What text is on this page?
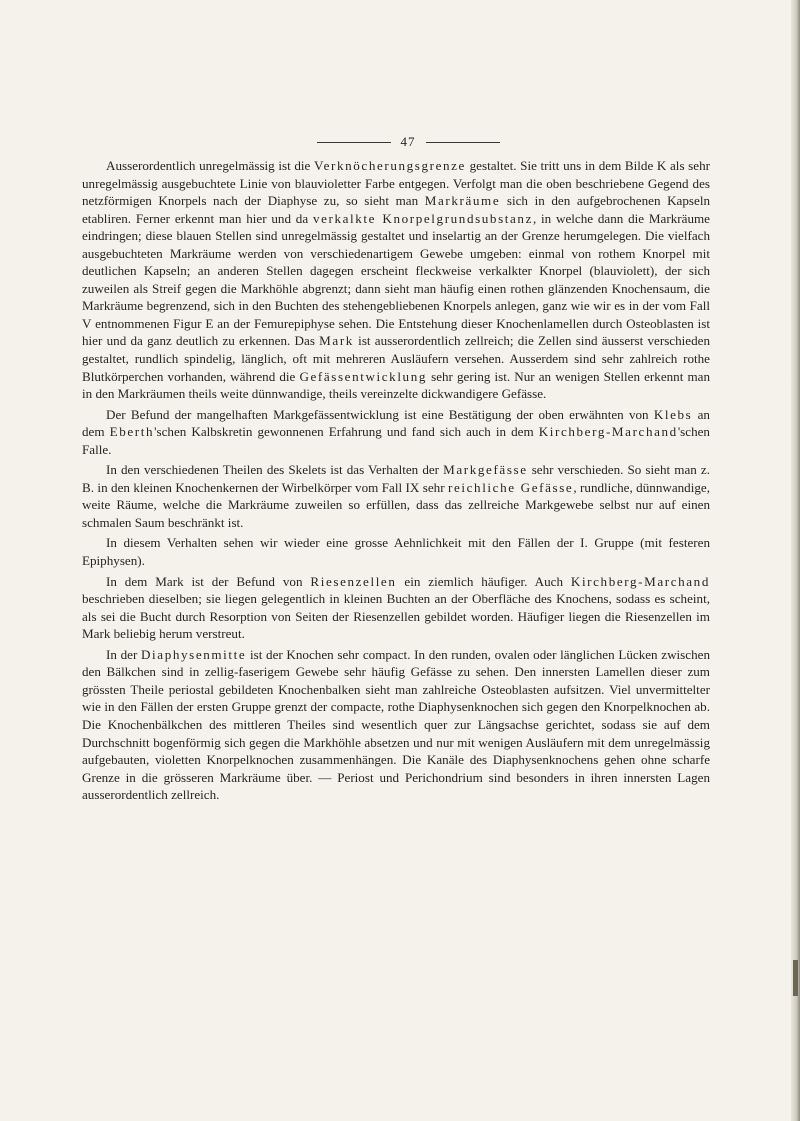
47

Ausserordentlich unregelmässig ist die Verknöcherungsgrenze gestaltet. Sie tritt uns in dem Bilde K als sehr unregelmässig ausgebuchtete Linie von blauvioletter Farbe entgegen. Verfolgt man die oben beschriebene Gegend des netzförmigen Knorpels nach der Diaphyse zu, so sieht man Markräume sich in den aufgebrochenen Kapseln etabliren. Ferner erkennt man hier und da verkalkte Knorpelgrundsubstanz, in welche dann die Markräume eindringen; diese blauen Stellen sind unregelmässig gestaltet und inselartig an der Grenze herumgelegen. Die vielfach ausgebuchteten Markräume werden von verschiedenartigem Gewebe umgeben: einmal von rothem Knorpel mit deutlichen Kapseln; an anderen Stellen dagegen erscheint fleckweise verkalkter Knorpel (blauviolett), der sich zuweilen als Streif gegen die Markhöhle abgrenzt; dann sieht man häufig einen rothen glänzenden Knochensaum, die Markräume begrenzend, sich in den Buchten des stehengebliebenen Knorpels anlegen, ganz wie wir es in der vom Fall V entnommenen Figur E an der Femurepiphyse sehen. Die Entstehung dieser Knochenlamellen durch Osteoblasten ist hier und da ganz deutlich zu erkennen. Das Mark ist ausserordentlich zellreich; die Zellen sind äusserst verschieden gestaltet, rundlich spindelig, länglich, oft mit mehreren Ausläufern versehen. Ausserdem sind sehr zahlreich rothe Blutkörperchen vorhanden, während die Gefässentwicklung sehr gering ist. Nur an wenigen Stellen erkennt man in den Markräumen theils weite dünnwandige, theils vereinzelte dickwandigere Gefässe.

Der Befund der mangelhaften Markgefässentwicklung ist eine Bestätigung der oben erwähnten von Klebs an dem Eberth'schen Kalbskretin gewonnenen Erfahrung und fand sich auch in dem Kirchberg-Marchand'schen Falle.

In den verschiedenen Theilen des Skelets ist das Verhalten der Markgefässe sehr verschieden. So sieht man z. B. in den kleinen Knochenkernen der Wirbelkörper vom Fall IX sehr reichliche Gefässe, rundliche, dünnwandige, weite Räume, welche die Markräume zuweilen so erfüllen, dass das zellreiche Markgewebe selbst nur auf einen schmalen Saum beschränkt ist.

In diesem Verhalten sehen wir wieder eine grosse Aehnlichkeit mit den Fällen der I. Gruppe (mit festeren Epiphysen).

In dem Mark ist der Befund von Riesenzellen ein ziemlich häufiger. Auch Kirchberg-Marchand beschrieben dieselben; sie liegen gelegentlich in kleinen Buchten an der Oberfläche des Knochens, sodass es scheint, als sei die Bucht durch Resorption von Seiten der Riesenzellen gebildet worden. Häufiger liegen die Riesenzellen im Mark beliebig herum verstreut.

In der Diaphysenmitte ist der Knochen sehr compact. In den runden, ovalen oder länglichen Lücken zwischen den Bälkchen sind in zellig-faserigem Gewebe sehr häufig Gefässe zu sehen. Den innersten Lamellen dieser zum grössten Theile periostal gebildeten Knochenbalken sieht man zahlreiche Osteoblasten aufsitzen. Viel unvermittelter wie in den Fällen der ersten Gruppe grenzt der compacte, rothe Diaphysenknochen sich gegen den Knorpelknochen ab. Die Knochenbälkchen des mittleren Theiles sind wesentlich quer zur Längsachse gerichtet, sodass sie auf dem Durchschnitt bogenförmig sich gegen die Markhöhle absetzen und nur mit wenigen Ausläufern mit dem unregelmässig aufgebauten, violetten Knorpelknochen zusammenhängen. Die Kanäle des Diaphysenknochens gehen ohne scharfe Grenze in die grösseren Markräume über. — Periost und Perichondrium sind besonders in ihren innersten Lagen ausserordentlich zellreich.
